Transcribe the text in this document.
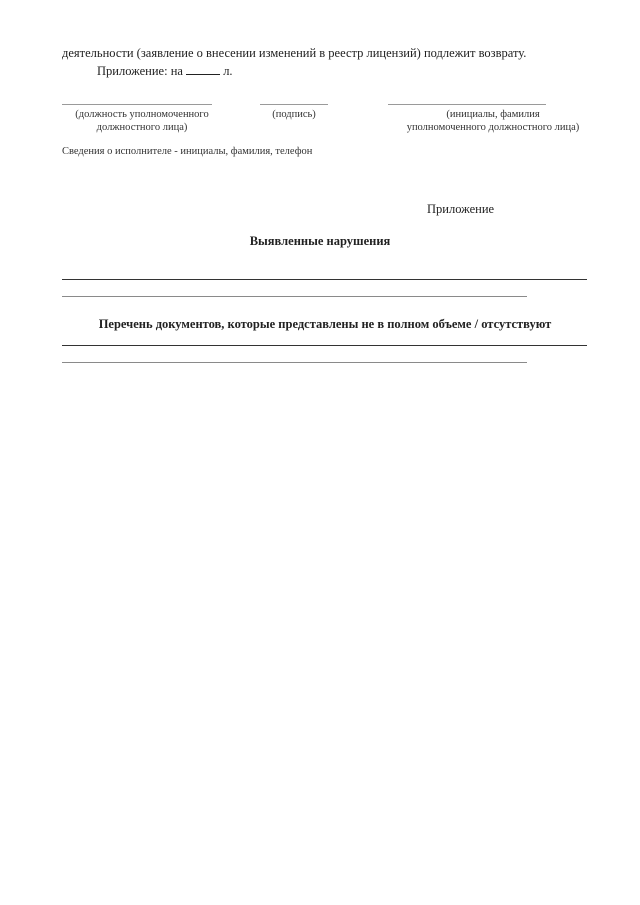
деятельности (заявление о внесении изменений в реестр лицензий) подлежит возврату.
Приложение: на	л.
(должность уполномоченного
должностного лица)
(подпись)	(инициалы, фамилия
уполномоченного должностного лица)
Сведения о исполнителе - инициалы, фамилия, телефон
Приложение
Выявленные нарушения
Перечень документов, которые представлены не в полном объеме / отсутствуют
